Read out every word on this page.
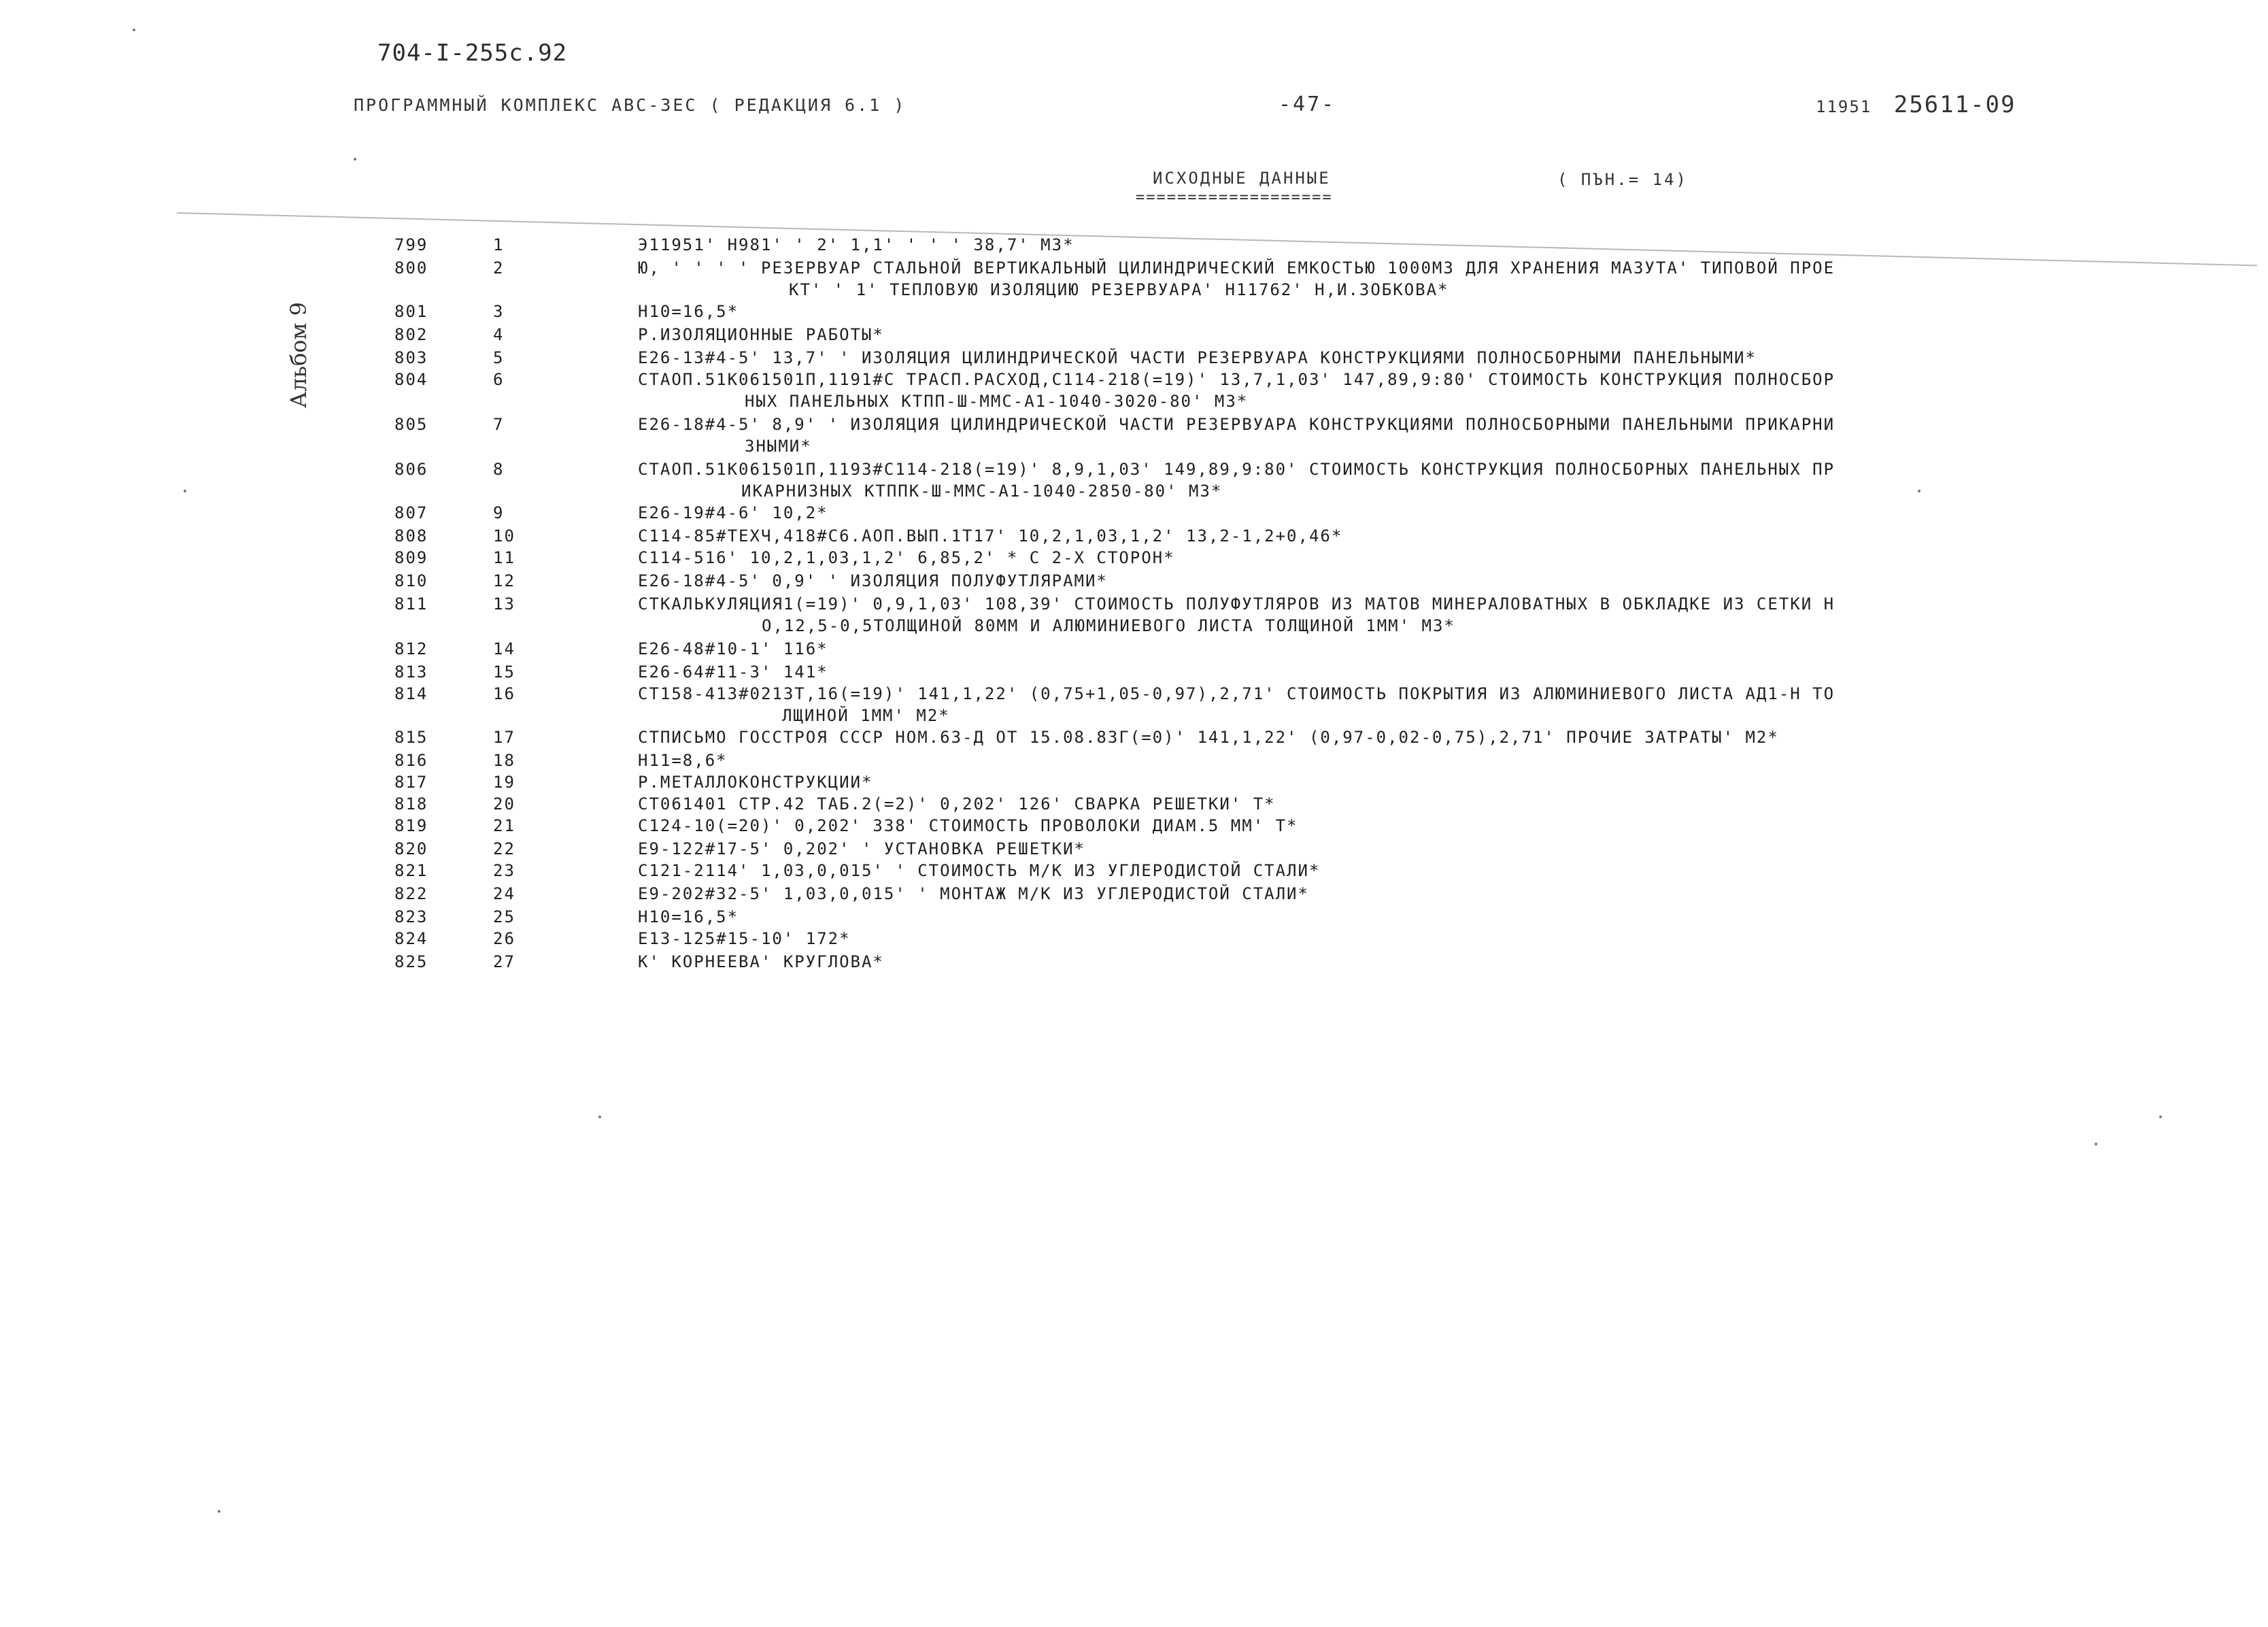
704-I-255с.92
ПРОГРАММНЫЙ КОМПЛЕКС АВС-3ЕС ( РЕДАКЦИЯ 6.1 )	-47-	11951 25611-09
ИСХОДНЫЕ ДАННЫЕ
===================
( ПЪН.= 14)
Альбом 9
799	1	Э11951' Н981' ' 2' 1,1' ' ' ' 38,7' М3*
800	2	Ю, ' ' ' ' РЕЗЕРВУАР СТАЛЬНОЙ ВЕРТИКАЛЬНЫЙ ЦИЛИНДРИЧЕСКИЙ ЕМКОСТЬЮ 1000М3 ДЛЯ ХРАНЕНИЯ МАЗУТА' ТИПОВОЙ ПРОЕ
КТ' ' 1' ТЕПЛОВУЮ ИЗОЛЯЦИЮ РЕЗЕРВУАРА' Н11762' Н,И.ЗОБКОВА*
801	3	Н10=16,5*
802	4	Р.ИЗОЛЯЦИОННЫЕ РАБОТЫ*
803	5	Е26-13#4-5' 13,7' ' ИЗОЛЯЦИЯ ЦИЛИНДРИЧЕСКОЙ ЧАСТИ РЕЗЕРВУАРА КОНСТРУКЦИЯМИ ПОЛНОСБОРНЫМИ ПАНЕЛЬНЫМИ*
804	6	СТАОП.51К061501П,1191#С ТРАСП.РАСХОД,С114-218(=19)' 13,7,1,03' 147,89,9:80' СТОИМОСТЬ КОНСТРУКЦИЯ ПОЛНОСБОР
НЫХ ПАНЕЛЬНЫХ КТПП-Ш-ММС-А1-1040-3020-80' М3*
805	7	Е26-18#4-5' 8,9' ' ИЗОЛЯЦИЯ ЦИЛИНДРИЧЕСКОЙ ЧАСТИ РЕЗЕРВУАРА КОНСТРУКЦИЯМИ ПОЛНОСБОРНЫМИ ПАНЕЛЬНЫМИ ПРИКАРНИ
ЗНЫМИ*
806	8	СТАОП.51К061501П,1193#С114-218(=19)' 8,9,1,03' 149,89,9:80' СТОИМОСТЬ КОНСТРУКЦИЯ ПОЛНОСБОРНЫХ ПАНЕЛЬНЫХ ПР
ИКАРНИЗНЫХ КТППК-Ш-ММС-А1-1040-2850-80' М3*
807	9	Е26-19#4-6' 10,2*
808	10	С114-85#ТЕХЧ,418#С6.АОП.ВЫП.1Т17' 10,2,1,03,1,2' 13,2-1,2+0,46*
809	11	С114-516' 10,2,1,03,1,2' 6,85,2' * С 2-Х СТОРОН*
810	12	Е26-18#4-5' 0,9' ' ИЗОЛЯЦИЯ ПОЛУФУТЛЯРАМИ*
811	13	СТКАЛЬКУЛЯЦИЯ1(=19)' 0,9,1,03' 108,39' СТОИМОСТЬ ПОЛУФУТЛЯРОВ ИЗ МАТОВ МИНЕРАЛОВАТНЫХ В ОБКЛАДКЕ ИЗ СЕТКИ Н
О,12,5-0,5ТОЛЩИНОЙ 80ММ И АЛЮМИНИЕВОГО ЛИСТА ТОЛЩИНОЙ 1ММ' М3*
812	14	Е26-48#10-1' 116*
813	15	Е26-64#11-3' 141*
814	16	СТ158-413#0213Т,16(=19)' 141,1,22' (0,75+1,05-0,97),2,71' СТОИМОСТЬ ПОКРЫТИЯ ИЗ АЛЮМИНИЕВОГО ЛИСТА АД1-Н ТО
ЛЩИНОЙ 1ММ' М2*
815	17	СТПИСЬМО ГОССТРОЯ СССР НОМ.63-Д ОТ 15.08.83Г(=0)' 141,1,22' (0,97-0,02-0,75),2,71' ПРОЧИЕ ЗАТРАТЫ' М2*
816	18	Н11=8,6*
817	19	Р.МЕТАЛЛОКОНСТРУКЦИИ*
818	20	СТ061401 СТР.42 ТАБ.2(=2)' 0,202' 126' СВАРКА РЕШЕТКИ' Т*
819	21	С124-10(=20)' 0,202' 338' СТОИМОСТЬ ПРОВОЛОКИ ДИАМ.5 ММ' Т*
820	22	Е9-122#17-5' 0,202' ' УСТАНОВКА РЕШЕТКИ*
821	23	С121-2114' 1,03,0,015' ' СТОИМОСТЬ М/К ИЗ УГЛЕРОДИСТОЙ СТАЛИ*
822	24	Е9-202#32-5' 1,03,0,015' ' МОНТАЖ М/К ИЗ УГЛЕРОДИСТОЙ СТАЛИ*
823	25	Н10=16,5*
824	26	Е13-125#15-10' 172*
825	27	К' КОРНЕЕВА' КРУГЛОВА*
